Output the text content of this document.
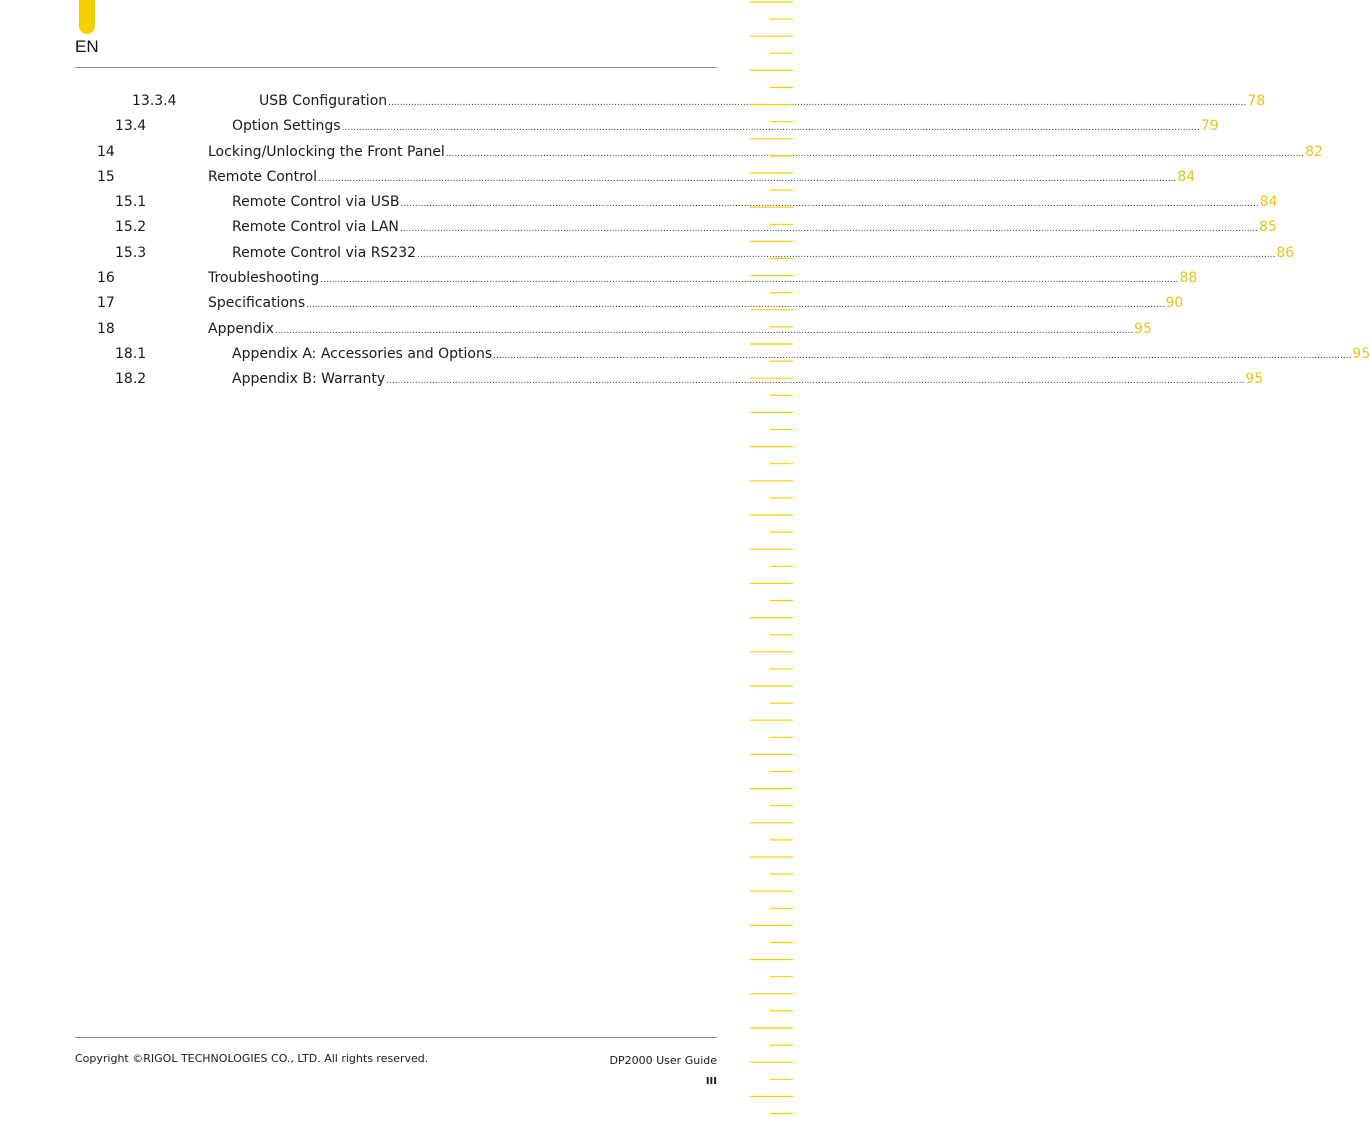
EN
13.3.4	USB Configuration ............................................................................................................................................................................................................................................................................................................ 78
13.4	Option Settings ............................................................................................................................................................................................................................................................................................................ 79
14	Locking/Unlocking the Front Panel ............................................................................................................................................................................................................................................................................................................ 82
15	Remote Control ............................................................................................................................................................................................................................................................................................................ 84
15.1	Remote Control via USB ............................................................................................................................................................................................................................................................................................................ 84
15.2	Remote Control via LAN ............................................................................................................................................................................................................................................................................................................ 85
15.3	Remote Control via RS232 ............................................................................................................................................................................................................................................................................................................ 86
16	Troubleshooting ............................................................................................................................................................................................................................................................................................................ 88
17	Specifications ............................................................................................................................................................................................................................................................................................................ 90
18	Appendix ............................................................................................................................................................................................................................................................................................................ 95
18.1	Appendix A: Accessories and Options ............................................................................................................................................................................................................................................................................................................ 95
18.2	Appendix B: Warranty ............................................................................................................................................................................................................................................................................................................ 95
Copyright ©RIGOL TECHNOLOGIES CO., LTD. All rights reserved.	DP2000 User Guide
III
